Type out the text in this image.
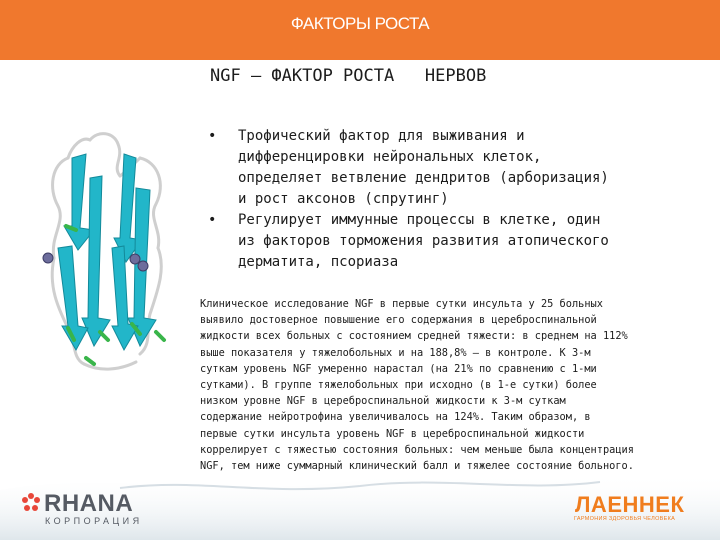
ФАКТОРЫ РОСТА
NGF – ФАКТОР РОСТА   НЕРВОВ
• Трофический фактор для выживания и
дифференцировки нейрональных клеток,
определяет ветвление дендритов (арборизация)
и рост аксонов (спрутинг)
• Регулирует иммунные процессы в клетке, один
из факторов торможения развития атопического
дерматита, псориаза
Клиническое исследование NGF в первые сутки инсульта у 25 больных
выявило достоверное повышение его содержания в цереброспинальной
жидкости всех больных с состоянием средней тяжести: в среднем на 112%
выше показателя у тяжелобольных и на 188,8% – в контроле. К 3-м
суткам уровень NGF умеренно нарастал (на 21% по сравнению с 1-ми
сутками). В группе тяжелобольных при исходно (в 1-е сутки) более
низком уровне NGF в цереброспинальной жидкости к 3-м суткам
содержание нейротрофина увеличивалось на 124%. Таким образом, в
первые сутки инсульта уровень NGF в цереброспинальной жидкости
коррелирует с тяжестью состояния больных: чем меньше была концентрация
NGF, тем ниже суммарный клинический балл и тяжелее состояние больного.
RHANA
КОРПОРАЦИЯ
ЛАЕННЕК
ГАРМОНИЯ ЗДОРОВЬЯ ЧЕЛОВЕКА
